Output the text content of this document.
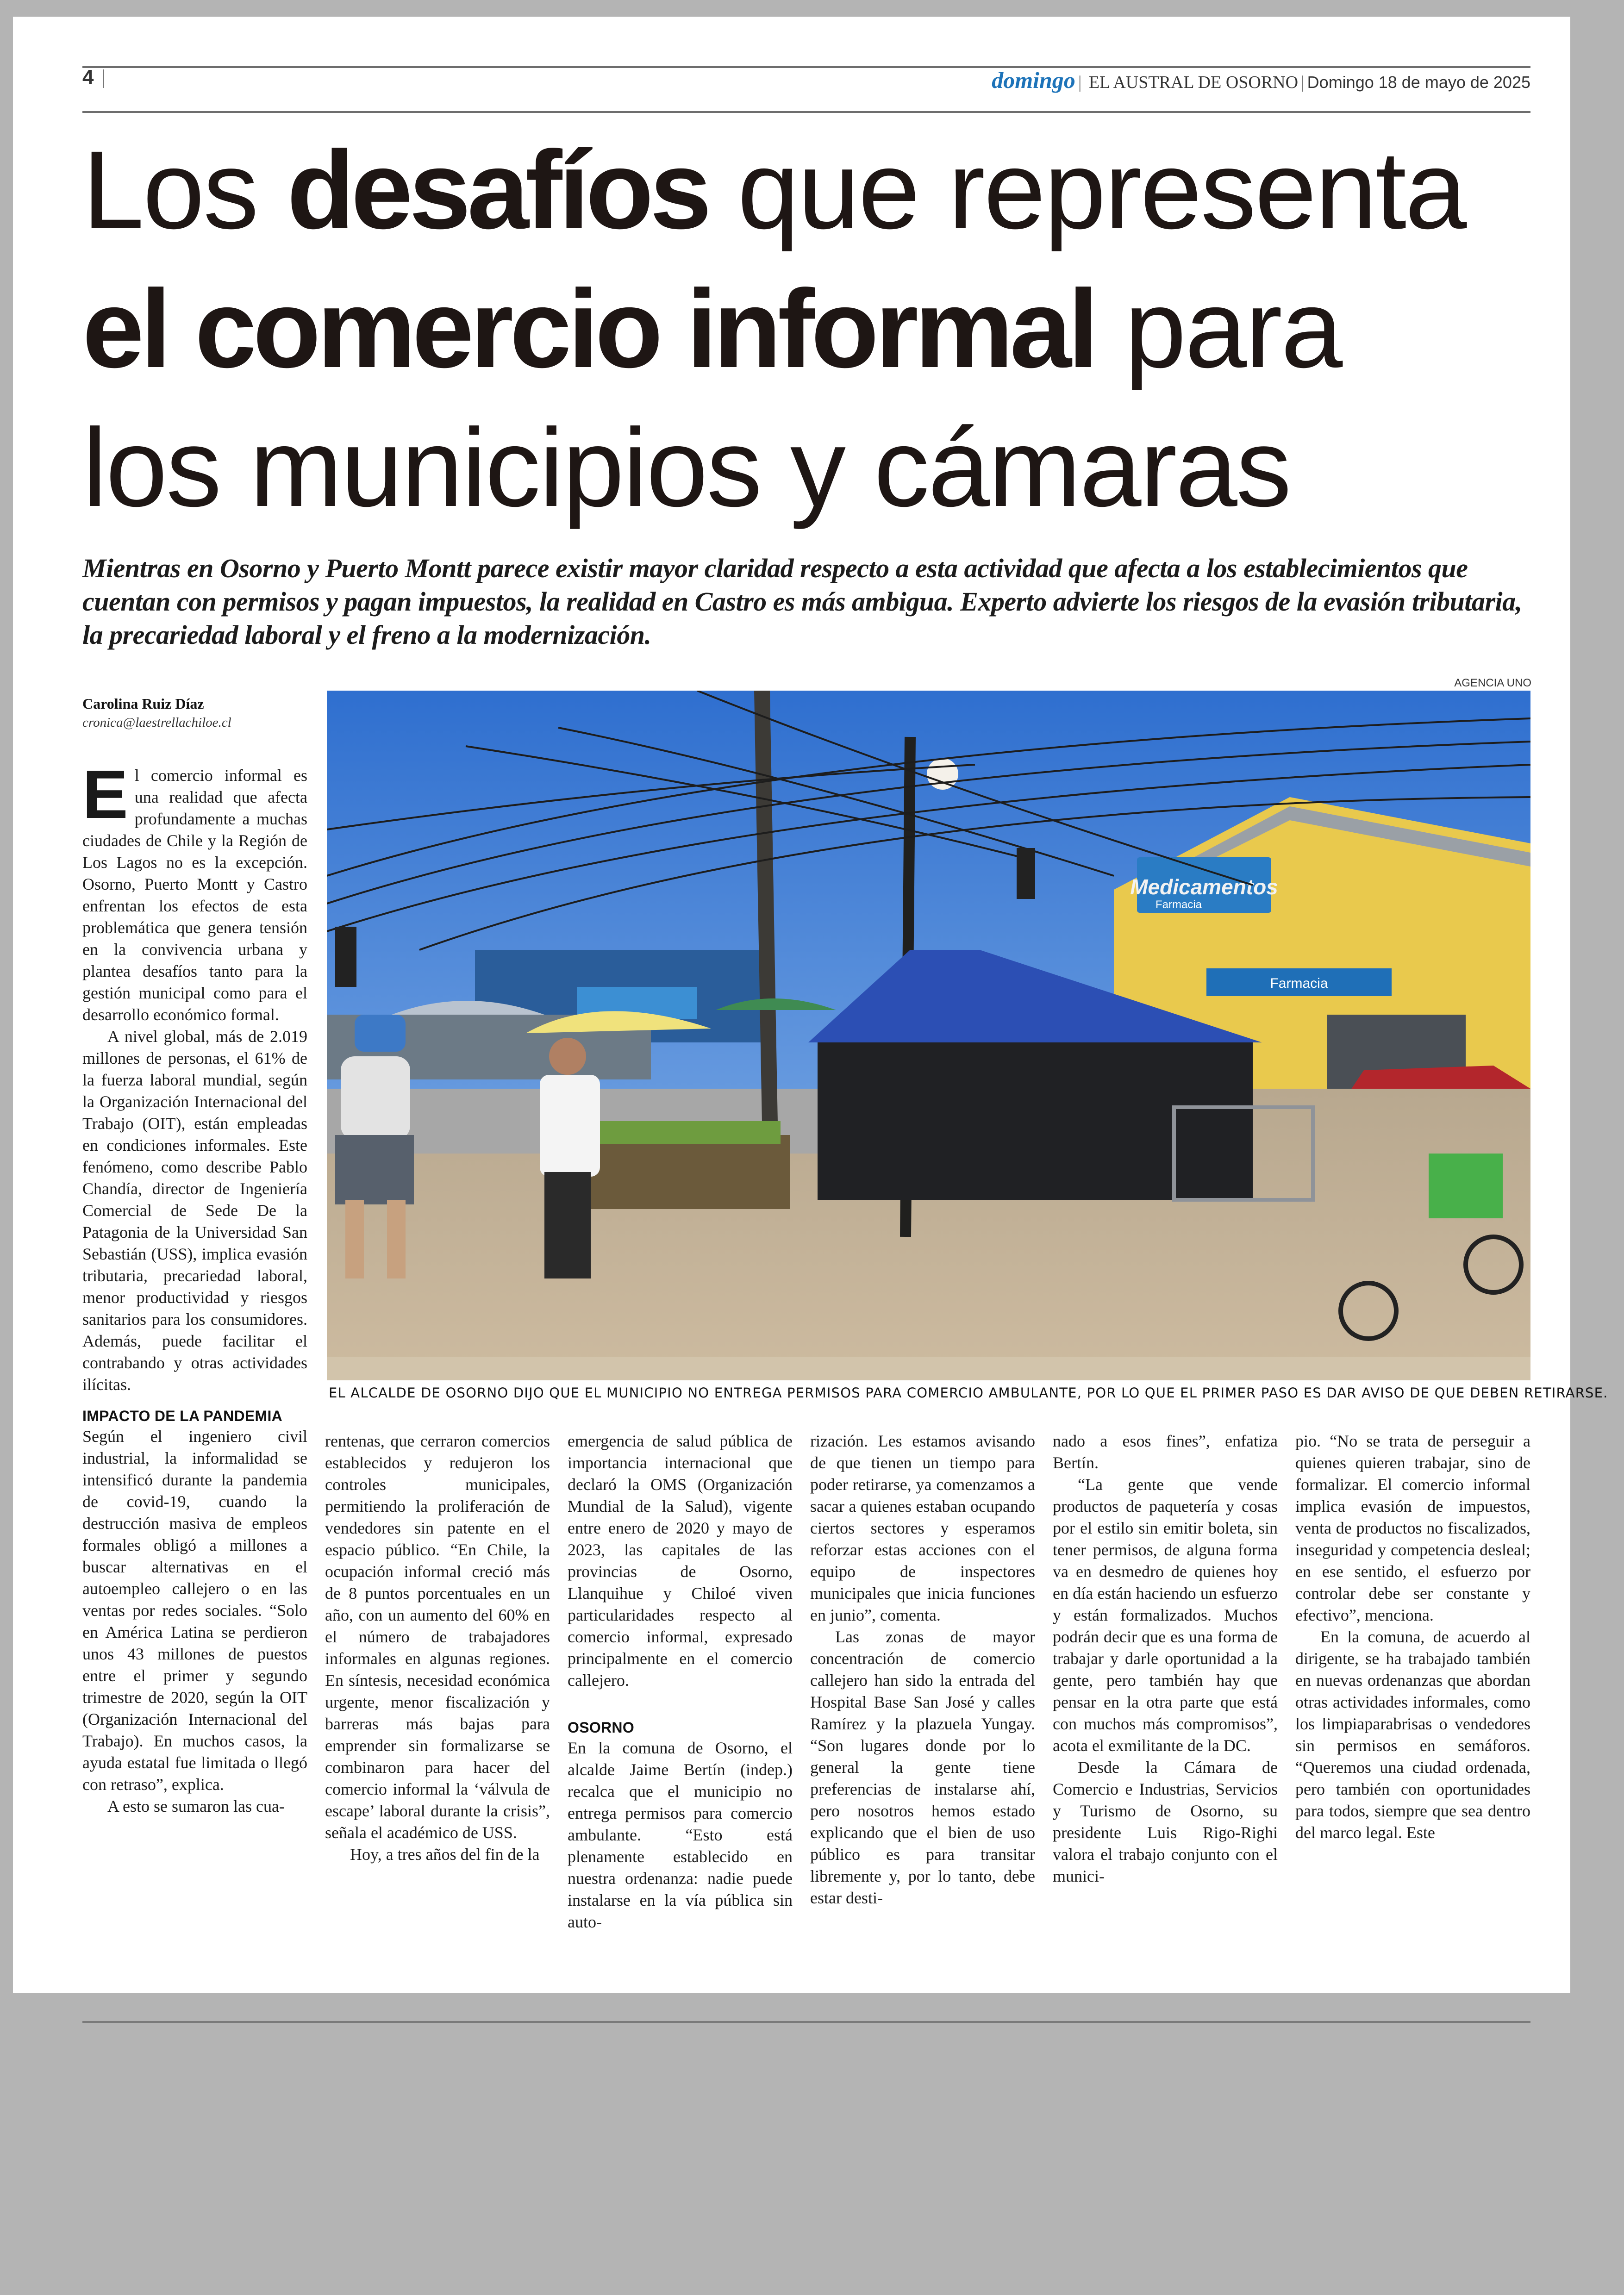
4	domingo | EL AUSTRAL DE OSORNO | Domingo 18 de mayo de 2025
Los desafíos que representa
el comercio informal para
los municipios y cámaras

Mientras en Osorno y Puerto Montt parece existir mayor claridad respecto a esta actividad que afecta a los establecimientos que cuentan con permisos y pagan impuestos, la realidad en Castro es más ambigua. Experto advierte los riesgos de la evasión tributaria, la precariedad laboral y el freno a la modernización.

AGENCIA UNO
Medicamentos
Farmacia
Farmacia
EL ALCALDE DE OSORNO DIJO QUE EL MUNICIPIO NO ENTREGA PERMISOS PARA COMERCIO AMBULANTE, POR LO QUE EL PRIMER PASO ES DAR AVISO DE QUE DEBEN RETIRARSE.
Carolina Ruiz Díaz
cronica@laestrellachiloe.cl

El comercio informal es una realidad que afecta profundamente a muchas ciudades de Chile y la Región de Los Lagos no es la excepción. Osorno, Puerto Montt y Castro enfrentan los efectos de esta problemática que genera tensión en la convivencia urbana y plantea desafíos tanto para la gestión municipal como para el desarrollo económico formal.

A nivel global, más de 2.019 millones de personas, el 61% de la fuerza laboral mundial, según la Organización Internacional del Trabajo (OIT), están empleadas en condiciones informales. Este fenómeno, como describe Pablo Chandía, director de Ingeniería Comercial de Sede De la Patagonia de la Universidad San Sebastián (USS), implica evasión tributaria, precariedad laboral, menor productividad y riesgos sanitarios para los consumidores. Además, puede facilitar el contrabando y otras actividades ilícitas.

IMPACTO DE LA PANDEMIA

Según el ingeniero civil industrial, la informalidad se intensificó durante la pandemia de covid-19, cuando la destrucción masiva de empleos formales obligó a millones a buscar alternativas en el autoempleo callejero o en las ventas por redes sociales. “Solo en América Latina se perdieron unos 43 millones de puestos entre el primer y segundo trimestre de 2020, según la OIT (Organización Internacional del Trabajo). En muchos casos, la ayuda estatal fue limitada o llegó con retraso”, explica.

A esto se sumaron las cua-

rentenas, que cerraron comercios establecidos y redujeron los controles municipales, permitiendo la proliferación de vendedores sin patente en el espacio público. “En Chile, la ocupación informal creció más de 8 puntos porcentuales en un año, con un aumento del 60% en el número de trabajadores informales en algunas regiones. En síntesis, necesidad económica urgente, menor fiscalización y barreras más bajas para emprender sin formalizarse se combinaron para hacer del comercio informal la ‘válvula de escape’ laboral durante la crisis”, señala el académico de USS.

Hoy, a tres años del fin de la

emergencia de salud pública de importancia internacional que declaró la OMS (Organización Mundial de la Salud), vigente entre enero de 2020 y mayo de 2023, las capitales de las provincias de Osorno, Llanquihue y Chiloé viven particularidades respecto al comercio informal, expresado principalmente en el comercio callejero.

OSORNO

En la comuna de Osorno, el alcalde Jaime Bertín (indep.) recalca que el municipio no entrega permisos para comercio ambulante. “Esto está plenamente establecido en nuestra ordenanza: nadie puede instalarse en la vía pública sin auto-

rización. Les estamos avisando de que tienen un tiempo para poder retirarse, ya comenzamos a sacar a quienes estaban ocupando ciertos sectores y esperamos reforzar estas acciones con el equipo de inspectores municipales que inicia funciones en junio”, comenta.

Las zonas de mayor concentración de comercio callejero han sido la entrada del Hospital Base San José y calles Ramírez y la plazuela Yungay. “Son lugares donde por lo general la gente tiene preferencias de instalarse ahí, pero nosotros hemos estado explicando que el bien de uso público es para transitar libremente y, por lo tanto, debe estar desti-

nado a esos fines”, enfatiza Bertín.

“La gente que vende productos de paquetería y cosas por el estilo sin emitir boleta, sin tener permisos, de alguna forma va en desmedro de quienes hoy en día están haciendo un esfuerzo y están formalizados. Muchos podrán decir que es una forma de trabajar y darle oportunidad a la gente, pero también hay que pensar en la otra parte que está con muchos más compromisos”, acota el exmilitante de la DC.

Desde la Cámara de Comercio e Industrias, Servicios y Turismo de Osorno, su presidente Luis Rigo-Righi valora el trabajo conjunto con el munici-

pio. “No se trata de perseguir a quienes quieren trabajar, sino de formalizar. El comercio informal implica evasión de impuestos, venta de productos no fiscalizados, inseguridad y competencia desleal; en ese sentido, el esfuerzo por controlar debe ser constante y efectivo”, menciona.

En la comuna, de acuerdo al dirigente, se ha trabajado también en nuevas ordenanzas que abordan otras actividades informales, como los limpiaparabrisas o vendedores sin permisos en semáforos. “Queremos una ciudad ordenada, pero también con oportunidades para todos, siempre que sea dentro del marco legal. Este
